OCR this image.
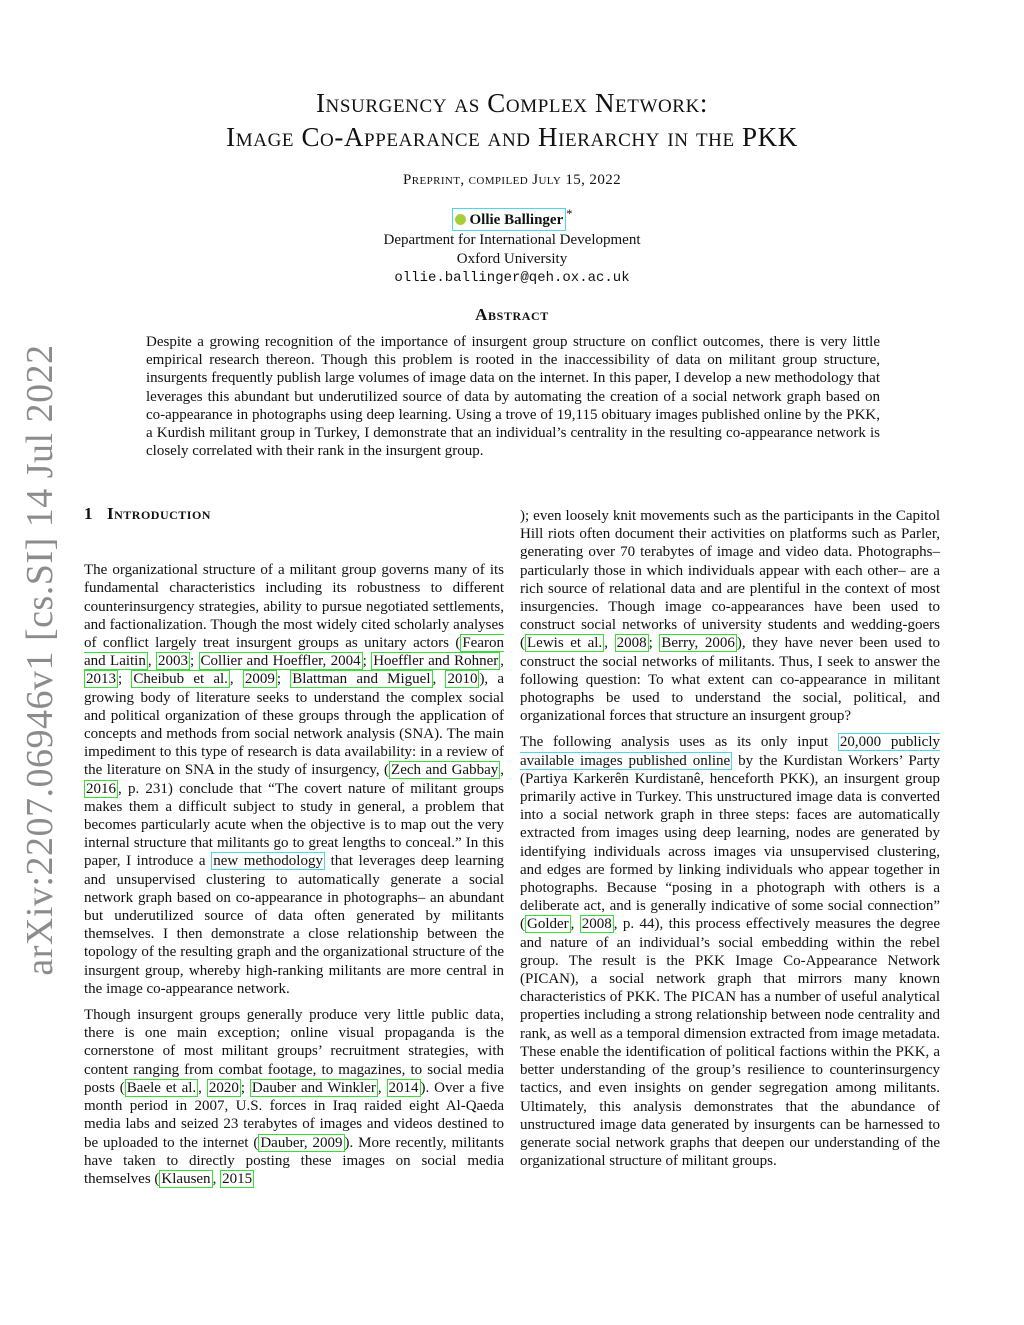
arXiv:2207.06946v1 [cs.SI] 14 Jul 2022
Insurgency as Complex Network:
Image Co-Appearance and Hierarchy in the PKK
Preprint, compiled July 15, 2022
Ollie Ballinger *
Department for International Development
Oxford University
ollie.ballinger@qeh.ox.ac.uk
Abstract

Despite a growing recognition of the importance of insurgent group structure on conflict outcomes, there is very little empirical research thereon. Though this problem is rooted in the inaccessibility of data on militant group structure, insurgents frequently publish large volumes of image data on the internet. In this paper, I develop a new methodology that leverages this abundant but underutilized source of data by automating the creation of a social network graph based on co-appearance in photographs using deep learning. Using a trove of 19,115 obituary images published online by the PKK, a Kurdish militant group in Turkey, I demonstrate that an individual’s centrality in the resulting co-appearance network is closely correlated with their rank in the insurgent group.

1 Introduction

The organizational structure of a militant group governs many of its fundamental characteristics including its robustness to different counterinsurgency strategies, ability to pursue negotiated settlements, and factionalization. Though the most widely cited scholarly analyses of conflict largely treat insurgent groups as unitary actors ( Fearon and Laitin , 2003 ; Collier and Hoeffler, 2004 ; Hoeffler and Rohner , 2013 ; Cheibub et al. , 2009 ; Blattman and Miguel , 2010 ), a growing body of literature seeks to understand the complex social and political organization of these groups through the application of concepts and methods from social network analysis (SNA). The main impediment to this type of research is data availability: in a review of the literature on SNA in the study of insurgency, ( Zech and Gabbay , 2016 , p. 231) conclude that “The covert nature of militant groups makes them a difficult subject to study in general, a problem that becomes particularly acute when the objective is to map out the very internal structure that militants go to great lengths to conceal.” In this paper, I introduce a new methodology that leverages deep learning and unsupervised clustering to automatically generate a social network graph based on co-appearance in photographs– an abundant but underutilized source of data often generated by militants themselves. I then demonstrate a close relationship between the topology of the resulting graph and the organizational structure of the insurgent group, whereby high-ranking militants are more central in the image co-appearance network.

Though insurgent groups generally produce very little public data, there is one main exception; online visual propaganda is the cornerstone of most militant groups’ recruitment strategies, with content ranging from combat footage, to magazines, to social media posts ( Baele et al. , 2020 ; Dauber and Winkler , 2014 ). Over a five month period in 2007, U.S. forces in Iraq raided eight Al-Qaeda media labs and seized 23 terabytes of images and videos destined to be uploaded to the internet ( Dauber, 2009 ). More recently, militants have taken to directly posting these images on social media themselves ( Klausen , 2015

); even loosely knit movements such as the participants in the Capitol Hill riots often document their activities on platforms such as Parler, generating over 70 terabytes of image and video data. Photographs– particularly those in which individuals appear with each other– are a rich source of relational data and are plentiful in the context of most insurgencies. Though image co-appearances have been used to construct social networks of university students and wedding-goers ( Lewis et al. , 2008 ; Berry, 2006 ), they have never been used to construct the social networks of militants. Thus, I seek to answer the following question: To what extent can co-appearance in militant photographs be used to understand the social, political, and organizational forces that structure an insurgent group?

The following analysis uses as its only input 20,000 publicly available images published online by the Kurdistan Workers’ Party (Partiya Karkerên Kurdistanê, henceforth PKK), an insurgent group primarily active in Turkey. This unstructured image data is converted into a social network graph in three steps: faces are automatically extracted from images using deep learning, nodes are generated by identifying individuals across images via unsupervised clustering, and edges are formed by linking individuals who appear together in photographs. Because “posing in a photograph with others is a deliberate act, and is generally indicative of some social connection” ( Golder , 2008 , p. 44), this process effectively measures the degree and nature of an individual’s social embedding within the rebel group. The result is the PKK Image Co-Appearance Network (PICAN), a social network graph that mirrors many known characteristics of PKK. The PICAN has a number of useful analytical properties including a strong relationship between node centrality and rank, as well as a temporal dimension extracted from image metadata. These enable the identification of political factions within the PKK, a better understanding of the group’s resilience to counterinsurgency tactics, and even insights on gender segregation among militants. Ultimately, this analysis demonstrates that the abundance of unstructured image data generated by insurgents can be harnessed to generate social network graphs that deepen our understanding of the organizational structure of militant groups.
